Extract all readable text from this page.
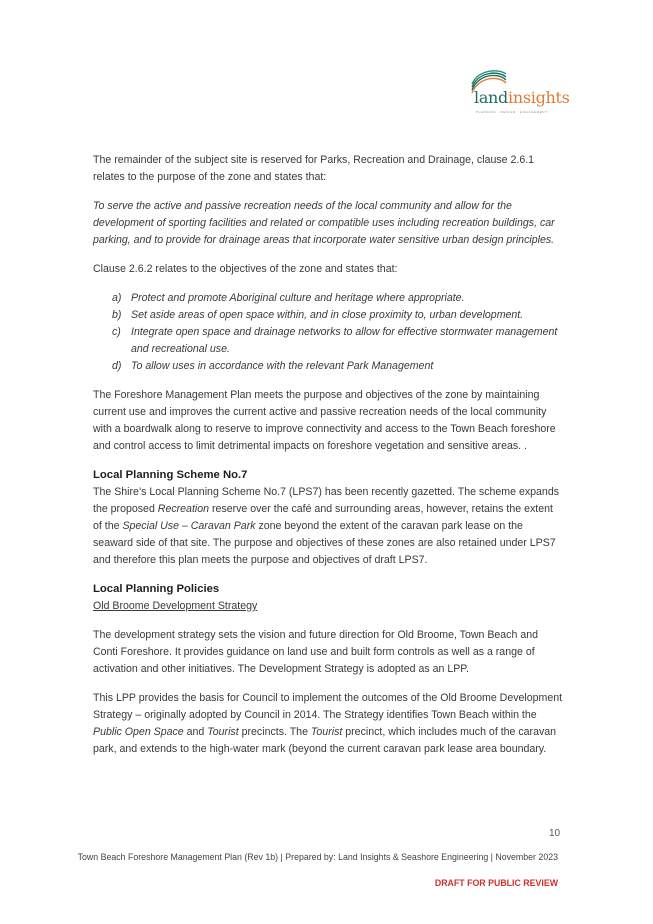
landinsights
PLANNING · DESIGN · ENGAGEMENT

The remainder of the subject site is reserved for Parks, Recreation and Drainage, clause 2.6.1 relates to the purpose of the zone and states that:

To serve the active and passive recreation needs of the local community and allow for the development of sporting facilities and related or compatible uses including recreation buildings, car parking, and to provide for drainage areas that incorporate water sensitive urban design principles.

Clause 2.6.2 relates to the objectives of the zone and states that:

a) Protect and promote Aboriginal culture and heritage where appropriate.
b) Set aside areas of open space within, and in close proximity to, urban development.
c) Integrate open space and drainage networks to allow for effective stormwater management and recreational use.
d) To allow uses in accordance with the relevant Park Management

The Foreshore Management Plan meets the purpose and objectives of the zone by maintaining current use and improves the current active and passive recreation needs of the local community with a boardwalk along to reserve to improve connectivity and access to the Town Beach foreshore and control access to limit detrimental impacts on foreshore vegetation and sensitive areas. .

Local Planning Scheme No.7

The Shire’s Local Planning Scheme No.7 (LPS7) has been recently gazetted. The scheme expands the proposed Recreation reserve over the café and surrounding areas, however, retains the extent of the Special Use – Caravan Park zone beyond the extent of the caravan park lease on the seaward side of that site. The purpose and objectives of these zones are also retained under LPS7 and therefore this plan meets the purpose and objectives of draft LPS7.

Local Planning Policies

Old Broome Development Strategy

The development strategy sets the vision and future direction for Old Broome, Town Beach and Conti Foreshore. It provides guidance on land use and built form controls as well as a range of activation and other initiatives. The Development Strategy is adopted as an LPP.

This LPP provides the basis for Council to implement the outcomes of the Old Broome Development Strategy – originally adopted by Council in 2014. The Strategy identifies Town Beach within the Public Open Space and Tourist precincts. The Tourist precinct, which includes much of the caravan park, and extends to the high-water mark (beyond the current caravan park lease area boundary.

10
Town Beach Foreshore Management Plan (Rev 1b) | Prepared by: Land Insights & Seashore Engineering | November 2023
DRAFT FOR PUBLIC REVIEW
